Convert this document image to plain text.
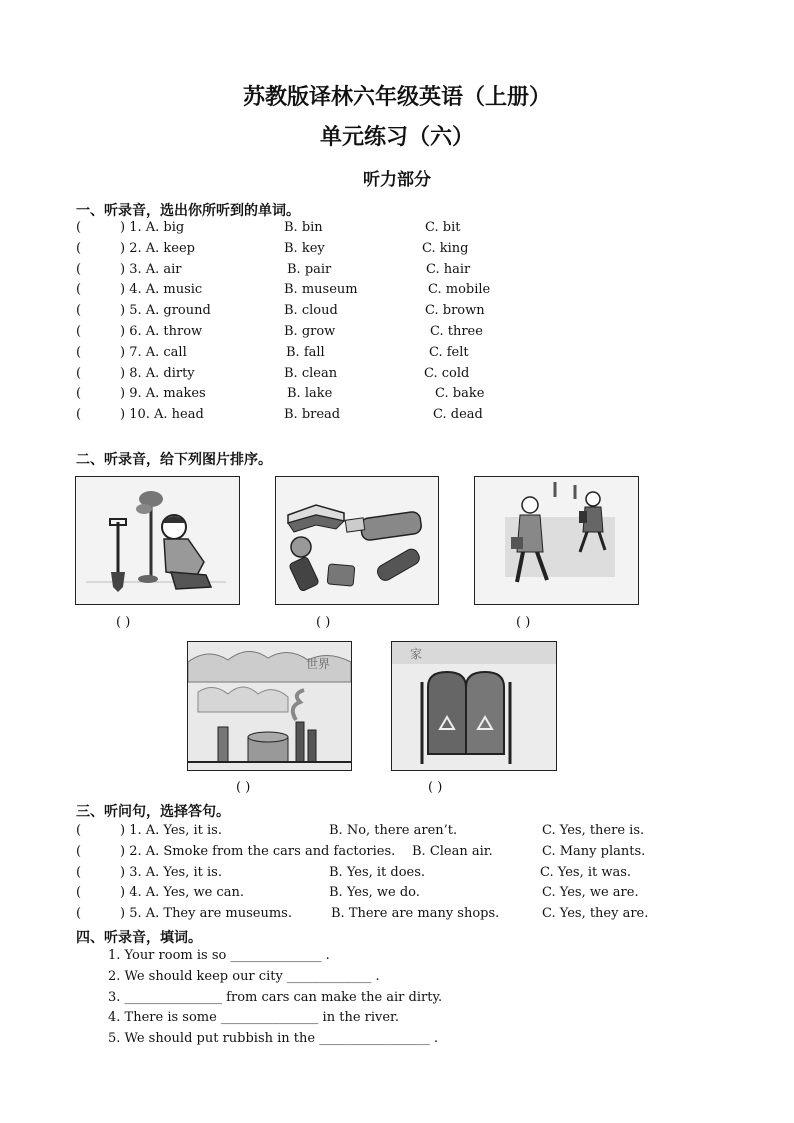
苏教版译林六年级英语（上册）
单元练习（六）
听力部分
一、听录音，选出你所听到的单词。
(	) 1. A. big	B. bin	C. bit
(	) 2. A. keep	B. key	C. king
(	) 3. A. air	B. pair	C. hair
(	) 4. A. music	B. museum	C. mobile
(	) 5. A. ground	B. cloud	C. brown
(	) 6. A. throw	B. grow	C. three
(	) 7. A. call	B. fall	C. felt
(	) 8. A. dirty	B. clean	C. cold
(	) 9. A. makes	B. lake	C. bake
(	) 10. A. head	B. bread	C. dead
二、听录音，给下列图片排序。
( )	( )	( )
世界
家
( )	( )
三、听问句，选择答句。
(	) 1. A. Yes, it is.	B. No, there aren’t.	C. Yes, there is.
(	) 2. A. Smoke from the cars and factories. B. Clean air.	C. Many plants.
(	) 3. A. Yes, it is.	B. Yes, it does.	C. Yes, it was.
(	) 4. A. Yes, we can.	B. Yes, we do.	C. Yes, we are.
(	) 5. A. They are museums.	B. There are many shops.	C. Yes, they are.
四、听录音，填词。
1. Your room is so ______________ .
2. We should keep our city _____________ .
3. _______________ from cars can make the air dirty.
4. There is some _______________ in the river.
5. We should put rubbish in the _________________ .
